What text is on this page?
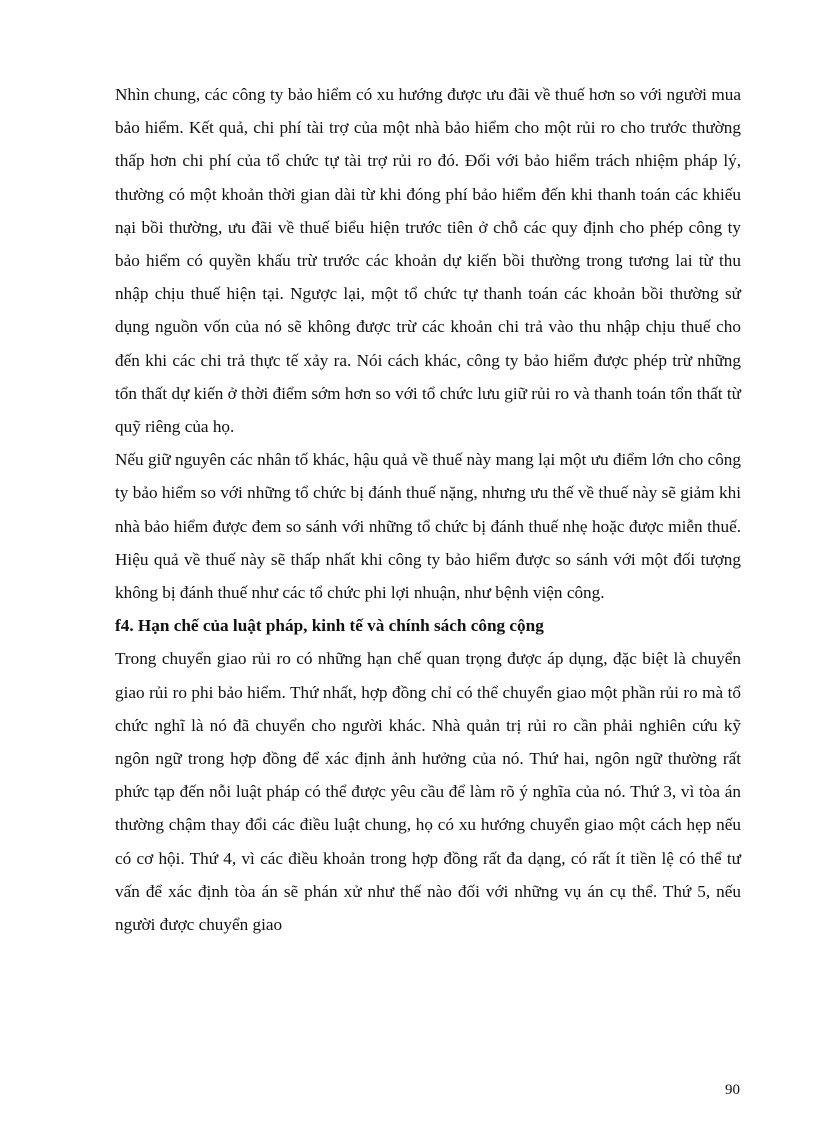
Nhìn chung, các công ty bảo hiểm có xu hướng được ưu đãi về thuế hơn so với người mua bảo hiểm. Kết quả, chi phí tài trợ của một nhà bảo hiểm cho một rủi ro cho trước thường thấp hơn chi phí của tổ chức tự tài trợ rủi ro đó. Đối với bảo hiểm trách nhiệm pháp lý, thường có một khoản thời gian dài từ khi đóng phí bảo hiểm đến khi thanh toán các khiếu nại bồi thường, ưu đãi về thuế biểu hiện trước tiên ở chỗ các quy định cho phép công ty bảo hiểm có quyền khấu trừ trước các khoản dự kiến bồi thường trong tương lai từ thu nhập chịu thuế hiện tại. Ngược lại, một tổ chức tự thanh toán các khoản bồi thường sử dụng nguồn vốn của nó sẽ không được trừ các khoản chi trả vào thu nhập chịu thuế cho đến khi các chi trả thực tế xảy ra. Nói cách khác, công ty bảo hiểm được phép trừ những tổn thất dự kiến ở thời điểm sớm hơn so với tổ chức lưu giữ rủi ro và thanh toán tổn thất từ quỹ riêng của họ.

Nếu giữ nguyên các nhân tố khác, hậu quả về thuế này mang lại một ưu điểm lớn cho công ty bảo hiểm so với những tổ chức bị đánh thuế nặng, nhưng ưu thế về thuế này sẽ giảm khi nhà bảo hiểm được đem so sánh với những tổ chức bị đánh thuế nhẹ hoặc được miễn thuế. Hiệu quả về thuế này sẽ thấp nhất khi công ty bảo hiểm được so sánh với một đối tượng không bị đánh thuế như các tổ chức phi lợi nhuận, như bệnh viện công.

f4. Hạn chế của luật pháp, kinh tế và chính sách công cộng

Trong chuyển giao rủi ro có những hạn chế quan trọng được áp dụng, đặc biệt là chuyển giao rủi ro phi bảo hiểm. Thứ nhất, hợp đồng chỉ có thể chuyển giao một phần rủi ro mà tổ chức nghĩ là nó đã chuyển cho người khác. Nhà quản trị rủi ro cần phải nghiên cứu kỹ ngôn ngữ trong hợp đồng để xác định ảnh hưởng của nó. Thứ hai, ngôn ngữ thường rất phức tạp đến nỗi luật pháp có thể được yêu cầu để làm rõ ý nghĩa của nó. Thứ 3, vì tòa án thường chậm thay đổi các điều luật chung, họ có xu hướng chuyển giao một cách hẹp nếu có cơ hội. Thứ 4, vì các điều khoản trong hợp đồng rất đa dạng, có rất ít tiền lệ có thể tư vấn để xác định tòa án sẽ phán xử như thế nào đối với những vụ án cụ thể. Thứ 5, nếu người được chuyển giao

90
